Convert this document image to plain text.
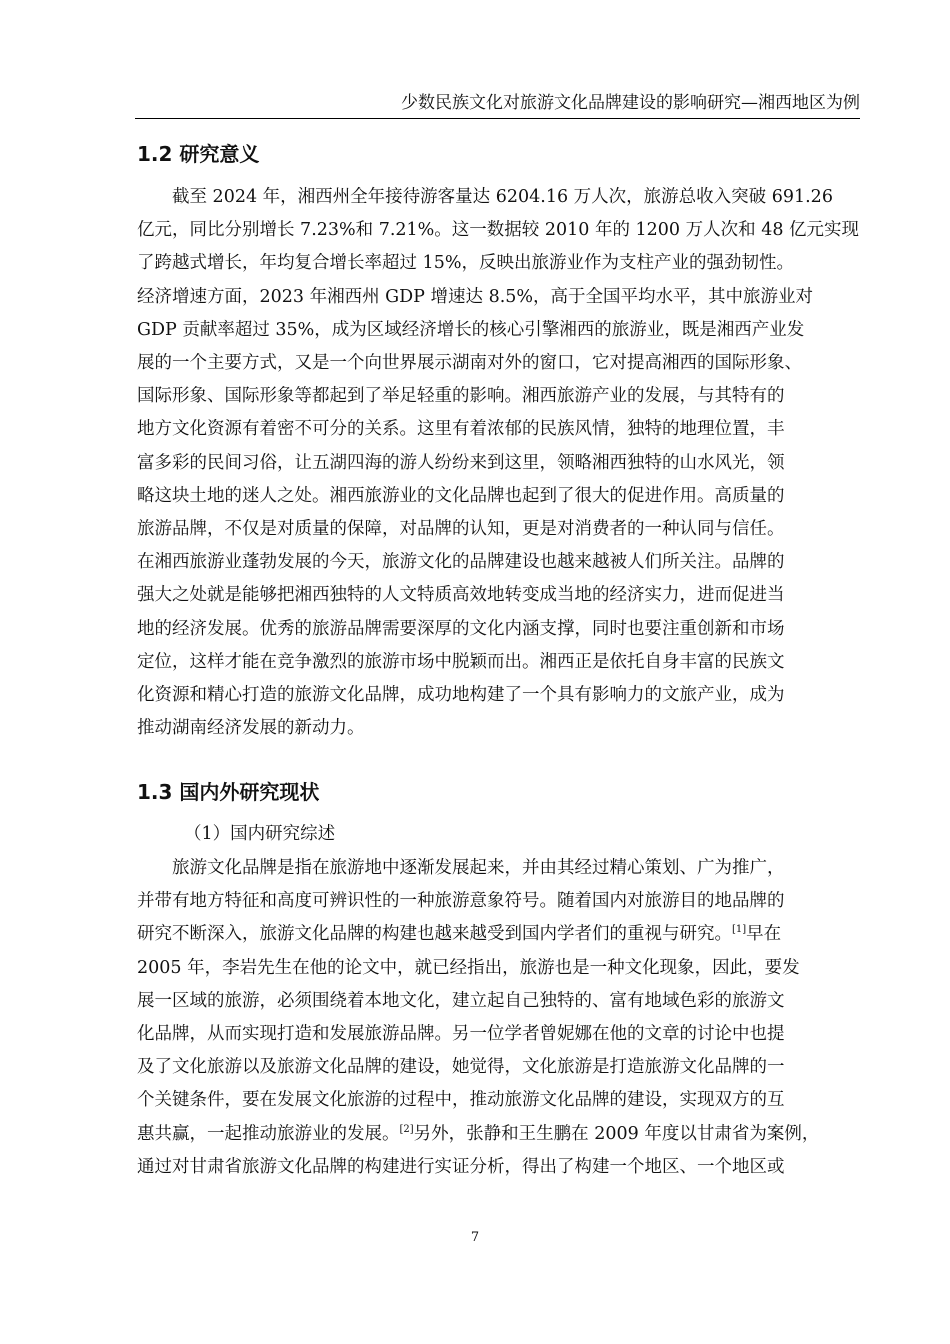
少数民族文化对旅游文化品牌建设的影响研究—湘西地区为例
1.2 研究意义
　　截至 2024 年，湘西州全年接待游客量达 6204.16 万人次，旅游总收入突破 691.26
亿元，同比分别增长 7.23%和 7.21%。这一数据较 2010 年的 1200 万人次和 48 亿元实现
了跨越式增长，年均复合增长率超过 15%，反映出旅游业作为支柱产业的强劲韧性。
经济增速方面，2023 年湘西州 GDP 增速达 8.5%，高于全国平均水平，其中旅游业对
GDP 贡献率超过 35%，成为区域经济增长的核心引擎湘西的旅游业，既是湘西产业发
展的一个主要方式，又是一个向世界展示湖南对外的窗口，它对提高湘西的国际形象、
国际形象、国际形象等都起到了举足轻重的影响。湘西旅游产业的发展，与其特有的
地方文化资源有着密不可分的关系。这里有着浓郁的民族风情，独特的地理位置，丰
富多彩的民间习俗，让五湖四海的游人纷纷来到这里，领略湘西独特的山水风光，领
略这块土地的迷人之处。湘西旅游业的文化品牌也起到了很大的促进作用。高质量的
旅游品牌，不仅是对质量的保障，对品牌的认知，更是对消费者的一种认同与信任。
在湘西旅游业蓬勃发展的今天，旅游文化的品牌建设也越来越被人们所关注。品牌的
强大之处就是能够把湘西独特的人文特质高效地转变成当地的经济实力，进而促进当
地的经济发展。优秀的旅游品牌需要深厚的文化内涵支撑，同时也要注重创新和市场
定位，这样才能在竞争激烈的旅游市场中脱颖而出。湘西正是依托自身丰富的民族文
化资源和精心打造的旅游文化品牌，成功地构建了一个具有影响力的文旅产业，成为
推动湖南经济发展的新动力。
1.3 国内外研究现状
（1）国内研究综述
　　旅游文化品牌是指在旅游地中逐渐发展起来，并由其经过精心策划、广为推广，
并带有地方特征和高度可辨识性的一种旅游意象符号。随着国内对旅游目的地品牌的
研究不断深入，旅游文化品牌的构建也越来越受到国内学者们的重视与研究。[1]早在
2005 年，李岩先生在他的论文中，就已经指出，旅游也是一种文化现象，因此，要发
展一区域的旅游，必须围绕着本地文化，建立起自己独特的、富有地域色彩的旅游文
化品牌，从而实现打造和发展旅游品牌。另一位学者曾妮娜在他的文章的讨论中也提
及了文化旅游以及旅游文化品牌的建设，她觉得，文化旅游是打造旅游文化品牌的一
个关键条件，要在发展文化旅游的过程中，推动旅游文化品牌的建设，实现双方的互
惠共赢，一起推动旅游业的发展。[2]另外，张静和王生鹏在 2009 年度以甘肃省为案例，
通过对甘肃省旅游文化品牌的构建进行实证分析，得出了构建一个地区、一个地区或
7
